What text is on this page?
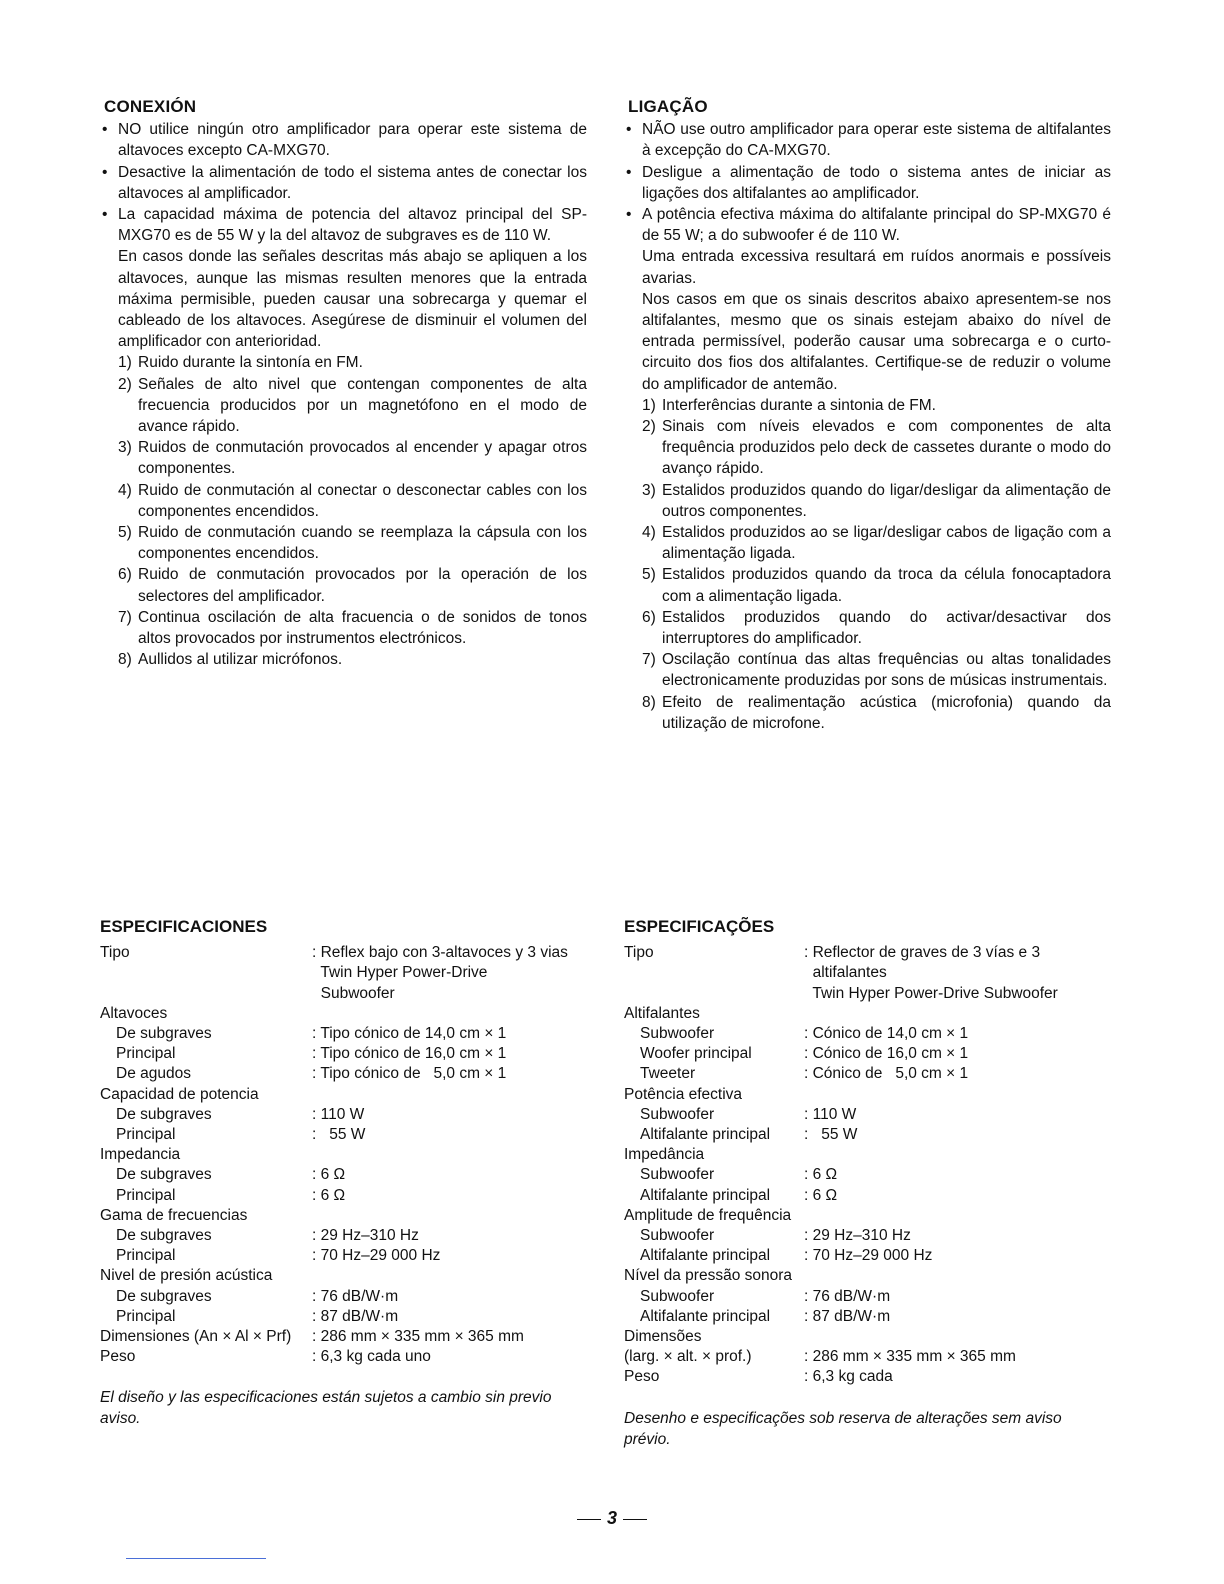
CONEXIÓN
• NO utilice ningún otro amplificador para operar este sistema de altavoces excepto CA-MXG70.
• Desactive la alimentación de todo el sistema antes de conectar los altavoces al amplificador.
• La capacidad máxima de potencia del altavoz principal del SP-MXG70 es de 55 W y la del altavoz de subgraves es de 110 W.
En casos donde las señales descritas más abajo se apliquen a los altavoces, aunque las mismas resulten menores que la entrada máxima permisible, pueden causar una sobrecarga y quemar el cableado de los altavoces. Asegúrese de disminuir el volumen del amplificador con anterioridad.
1) Ruido durante la sintonía en FM.
2) Señales de alto nivel que contengan componentes de alta frecuencia producidos por un magnetófono en el modo de avance rápido.
3) Ruidos de conmutación provocados al encender y apagar otros componentes.
4) Ruido de conmutación al conectar o desconectar cables con los componentes encendidos.
5) Ruido de conmutación cuando se reemplaza la cápsula con los componentes encendidos.
6) Ruido de conmutación provocados por la operación de los selectores del amplificador.
7) Continua oscilación de alta fracuencia o de sonidos de tonos altos provocados por instrumentos electrónicos.
8) Aullidos al utilizar micrófonos.
LIGAÇÃO
• NÃO use outro amplificador para operar este sistema de altifalantes à excepção do CA-MXG70.
• Desligue a alimentação de todo o sistema antes de iniciar as ligações dos altifalantes ao amplificador.
• A potência efectiva máxima do altifalante principal do SP-MXG70 é de 55 W; a do subwoofer é de 110 W.
Uma entrada excessiva resultará em ruídos anormais e possíveis avarias.
Nos casos em que os sinais descritos abaixo apresentem-se nos altifalantes, mesmo que os sinais estejam abaixo do nível de entrada permissível, poderão causar uma sobrecarga e o curto-circuito dos fios dos altifalantes. Certifique-se de reduzir o volume do amplificador de antemão.
1) Interferências durante a sintonia de FM.
2) Sinais com níveis elevados e com componentes de alta frequência produzidos pelo deck de cassetes durante o modo do avanço rápido.
3) Estalidos produzidos quando do ligar/desligar da alimentação de outros componentes.
4) Estalidos produzidos ao se ligar/desligar cabos de ligação com a alimentação ligada.
5) Estalidos produzidos quando da troca da célula fonocaptadora com a alimentação ligada.
6) Estalidos produzidos quando do activar/desactivar dos interruptores do amplificador.
7) Oscilação contínua das altas frequências ou altas tonalidades electronicamente produzidas por sons de músicas instrumentais.
8) Efeito de realimentação acústica (microfonia) quando da utilização de microfone.
ESPECIFICACIONES
Tipo	: Reflex bajo con 3-altavoces y 3 vias

Twin Hyper Power-Drive

Subwoofer
Altavoces
De subgraves	: Tipo cónico de 14,0 cm × 1
Principal	: Tipo cónico de 16,0 cm × 1
De agudos	: Tipo cónico de   5,0 cm × 1
Capacidad de potencia
De subgraves	: 110 W
Principal	:   55 W
Impedancia
De subgraves	: 6 Ω
Principal	: 6 Ω
Gama de frecuencias
De subgraves	: 29 Hz–310 Hz
Principal	: 70 Hz–29 000 Hz
Nivel de presión acústica
De subgraves	: 76 dB/W·m
Principal	: 87 dB/W·m
Dimensiones (An × Al × Prf)	: 286 mm × 335 mm × 365 mm
Peso	: 6,3 kg cada uno
El diseño y las especificaciones están sujetos a cambio sin previo aviso.
ESPECIFICAÇÕES
Tipo	: Reflector de graves de 3 vías e 3

altifalantes

Twin Hyper Power-Drive Subwoofer
Altifalantes
Subwoofer	: Cónico de 14,0 cm × 1
Woofer principal	: Cónico de 16,0 cm × 1
Tweeter	: Cónico de   5,0 cm × 1
Potência efectiva
Subwoofer	: 110 W
Altifalante principal	:   55 W
Impedância
Subwoofer	: 6 Ω
Altifalante principal	: 6 Ω
Amplitude de frequência
Subwoofer	: 29 Hz–310 Hz
Altifalante principal	: 70 Hz–29 000 Hz
Nível da pressão sonora
Subwoofer	: 76 dB/W·m
Altifalante principal	: 87 dB/W·m
Dimensões
(larg. × alt. × prof.)	: 286 mm × 335 mm × 365 mm
Peso	: 6,3 kg cada
Desenho e especificações sob reserva de alterações sem aviso prévio.
3
